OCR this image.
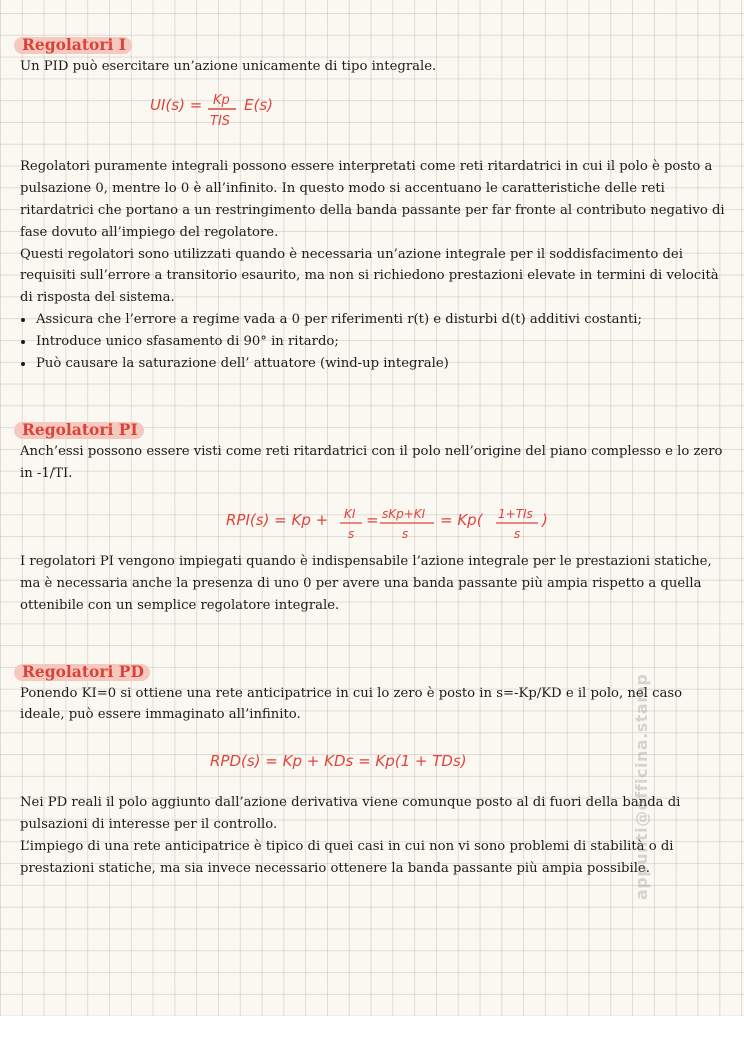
Regolatori I

Un PID può esercitare un’azione unicamente di tipo integrale.

UI(s) = Kp
TIS
E(s)

Regolatori puramente integrali possono essere interpretati come reti ritardatrici in cui il polo è posto a pulsazione 0, mentre lo 0 è all’infinito. In questo modo si accentuano le caratteristiche delle reti ritardatrici che portano a un restringimento della banda passante per far fronte al contributo negativo di fase dovuto all’impiego del regolatore.

Questi regolatori sono utilizzati quando è necessaria un’azione integrale per il soddisfacimento dei requisiti sull’errore a transitorio esaurito, ma non si richiedono prestazioni elevate in termini di velocità di risposta del sistema.

• Assicura che l’errore a regime vada a 0 per riferimenti r(t) e disturbi d(t) additivi costanti;
• Introduce unico sfasamento di 90° in ritardo;
• Può causare la saturazione dell’ attuatore (wind-up integrale)
Regolatori PI

Anch’essi possono essere visti come reti ritardatrici con il polo nell’origine del piano complesso e lo zero in -1/TI.

RPI(s) = Kp + KI
s
= sKp+KI
s
= Kp( 1+TIs
s
)

I regolatori PI vengono impiegati quando è indispensabile l’azione integrale per le prestazioni statiche, ma è necessaria anche la presenza di uno 0 per avere una banda passante più ampia rispetto a quella ottenibile con un semplice regolatore integrale.

Regolatori PD

Ponendo KI=0 si ottiene una rete anticipatrice in cui lo zero è posto in s=-Kp/KD e il polo, nel caso ideale, può essere immaginato all’infinito.

RPD(s) = Kp + KDs = Kp(1 + TDs)

Nei PD reali il polo aggiunto dall’azione derivativa viene comunque posto al di fuori della banda di pulsazioni di interesse per il controllo.

L’impiego di una rete anticipatrice è tipico di quei casi in cui non vi sono problemi di stabilità o di prestazioni statiche, ma sia invece necessario ottenere la banda passante più ampia possibile.

appunti@officina.stamp
